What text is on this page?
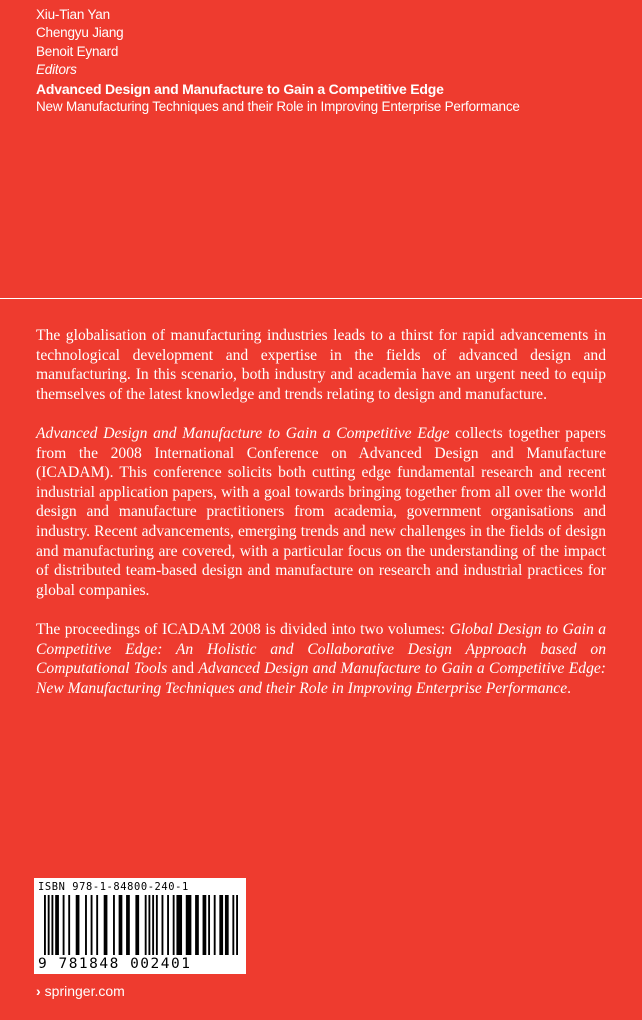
Xiu-Tian Yan
Chengyu Jiang
Benoit Eynard
Editors
Advanced Design and Manufacture to Gain a Competitive Edge
New Manufacturing Techniques and their Role in Improving Enterprise Performance

The globalisation of manufacturing industries leads to a thirst for rapid advancements in technological development and expertise in the fields of advanced design and manufacturing. In this scenario, both industry and academia have an urgent need to equip themselves of the latest knowledge and trends relating to design and manufacture.

Advanced Design and Manufacture to Gain a Competitive Edge collects together papers from the 2008 International Conference on Advanced Design and Manufacture (ICADAM). This conference solicits both cutting edge fundamental research and recent industrial application papers, with a goal towards bringing together from all over the world design and manufacture practitioners from academia, government organisations and industry. Recent advancements, emerging trends and new challenges in the fields of design and manufacturing are covered, with a particular focus on the understanding of the impact of distributed team-based design and manufacture on research and industrial practices for global companies.

The proceedings of ICADAM 2008 is divided into two volumes: Global Design to Gain a Competitive Edge: An Holistic and Collaborative Design Approach based on Computational Tools and Advanced Design and Manufacture to Gain a Competitive Edge: New Manufacturing Techniques and their Role in Improving Enterprise Performance.

ISBN 978-1-84800-240-1
9 781848 002401
› springer.com
